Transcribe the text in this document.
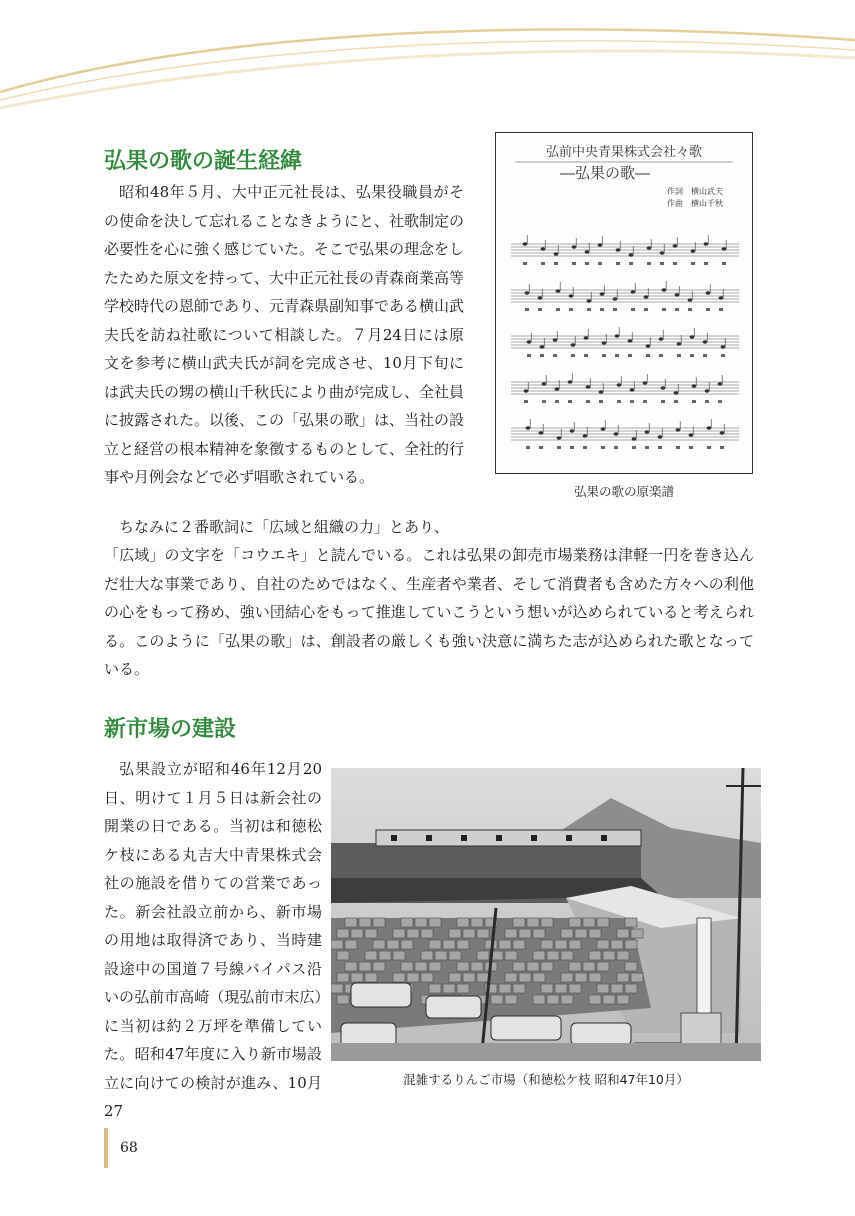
弘果の歌の誕生経緯

昭和48年５月、大中正元社長は、弘果役職員がその使命を決して忘れることなきようにと、社歌制定の必要性を心に強く感じていた。そこで弘果の理念をしたためた原文を持って、大中正元社長の青森商業高等学校時代の恩師であり、元青森県副知事である横山武夫氏を訪ね社歌について相談した。７月24日には原文を参考に横山武夫氏が詞を完成させ、10月下旬には武夫氏の甥の横山千秋氏により曲が完成し、全社員に披露された。以後、この「弘果の歌」は、当社の設立と経営の根本精神を象徴するものとして、全社的行事や月例会などで必ず唱歌されている。

弘前中央青果株式会社々歌
―弘果の歌―
作詞　横山武夫
作曲　横山千秋

弘果の歌の原楽譜

ちなみに２番歌詞に「広域と組織の力」とあり、

「広域」の文字を「コウエキ」と読んでいる。これは弘果の卸売市場業務は津軽一円を巻き込んだ壮大な事業であり、自社のためではなく、生産者や業者、そして消費者も含めた方々への利他の心をもって務め、強い団結心をもって推進していこうという想いが込められていると考えられる。このように「弘果の歌」は、創設者の厳しくも強い決意に満ちた志が込められた歌となっている。

新市場の建設

弘果設立が昭和46年12月20日、明けて１月５日は新会社の開業の日である。当初は和徳松ケ枝にある丸吉大中青果株式会社の施設を借りての営業であった。新会社設立前から、新市場の用地は取得済であり、当時建設途中の国道７号線バイパス沿いの弘前市高崎（現弘前市末広）に当初は約２万坪を準備していた。昭和47年度に入り新市場設立に向けての検討が進み、10月27

混雑するりんご市場（和徳松ケ枝 昭和47年10月）

68
